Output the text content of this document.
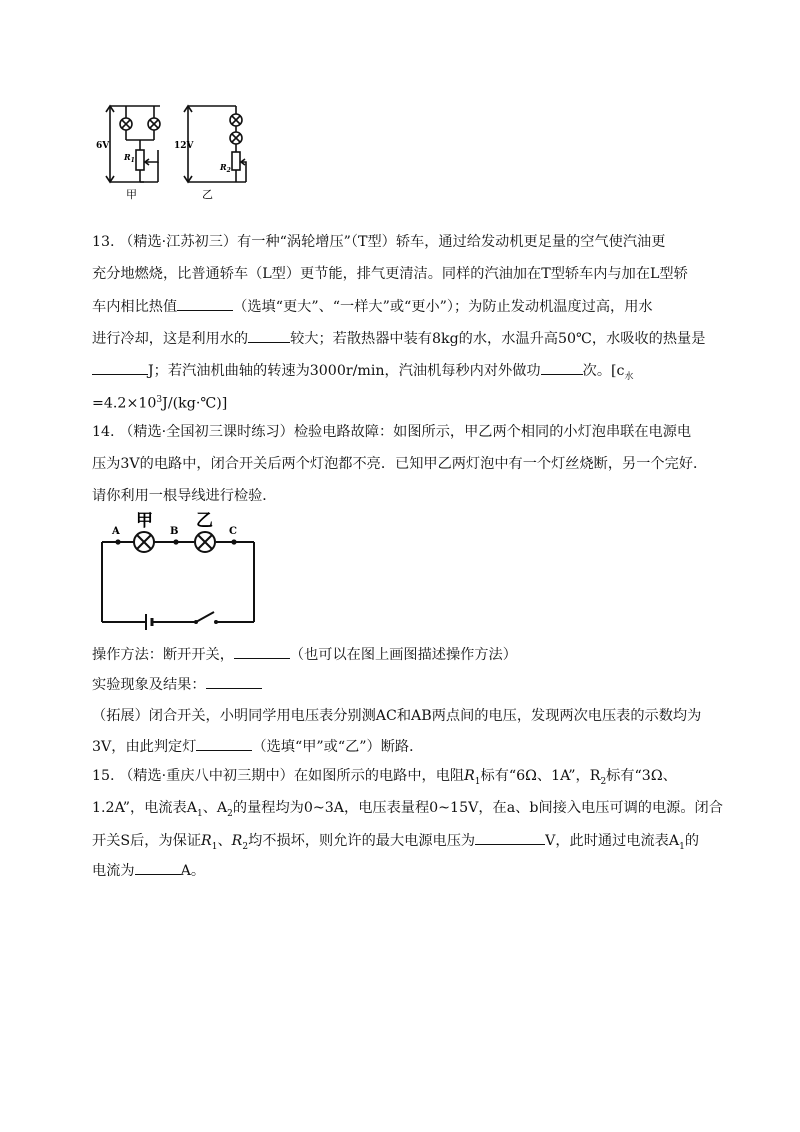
6V
$R_1$
甲
12V
$R_2$
乙
13. （精选·江苏初三）有一种“涡轮增压”（T型）轿车，通过给发动机更足量的空气使汽油更
充分地燃烧，比普通轿车（L型）更节能，排气更清洁。同样的汽油加在T型轿车内与加在L型轿
车内相比热值	（选填“更大”、“一样大”或“更小”）；为防止发动机温度过高，用水
进行冷却，这是利用水的	较大；若散热器中装有8kg的水，水温升高50℃，水吸收的热量是
J；若汽油机曲轴的转速为3000r/min，汽油机每秒内对外做功	次。[$c_水$
$=4.2\times 10^3J/(kg\cdot℃)$]
14. （精选·全国初三课时练习）检验电路故障：如图所示，甲乙两个相同的小灯泡串联在电源电
压为3V的电路中，闭合开关后两个灯泡都不亮．已知甲乙两灯泡中有一个灯丝烧断，另一个完好．
请你利用一根导线进行检验．
A	B	C
甲	乙
操作方法：断开开关，	（也可以在图上画图描述操作方法）
实验现象及结果：
（拓展）闭合开关，小明同学用电压表分别测AC和AB两点间的电压，发现两次电压表的示数均为
3V，由此判定灯	（选填“甲”或“乙”）断路．
15. （精选·重庆八中初三期中）在如图所示的电路中，电阻$R_1$标有“6Ω、1A”，$R_2$标有“3Ω、
1.2A”，电流表$A_1$、$A_2$的量程均为0~3A，电压表量程0~15V，在a、b间接入电压可调的电源。闭合
开关S后，为保证$R_1$、$R_2$均不损坏，则允许的最大电源电压为	V，此时通过电流表$A_1$的
电流为	A。
